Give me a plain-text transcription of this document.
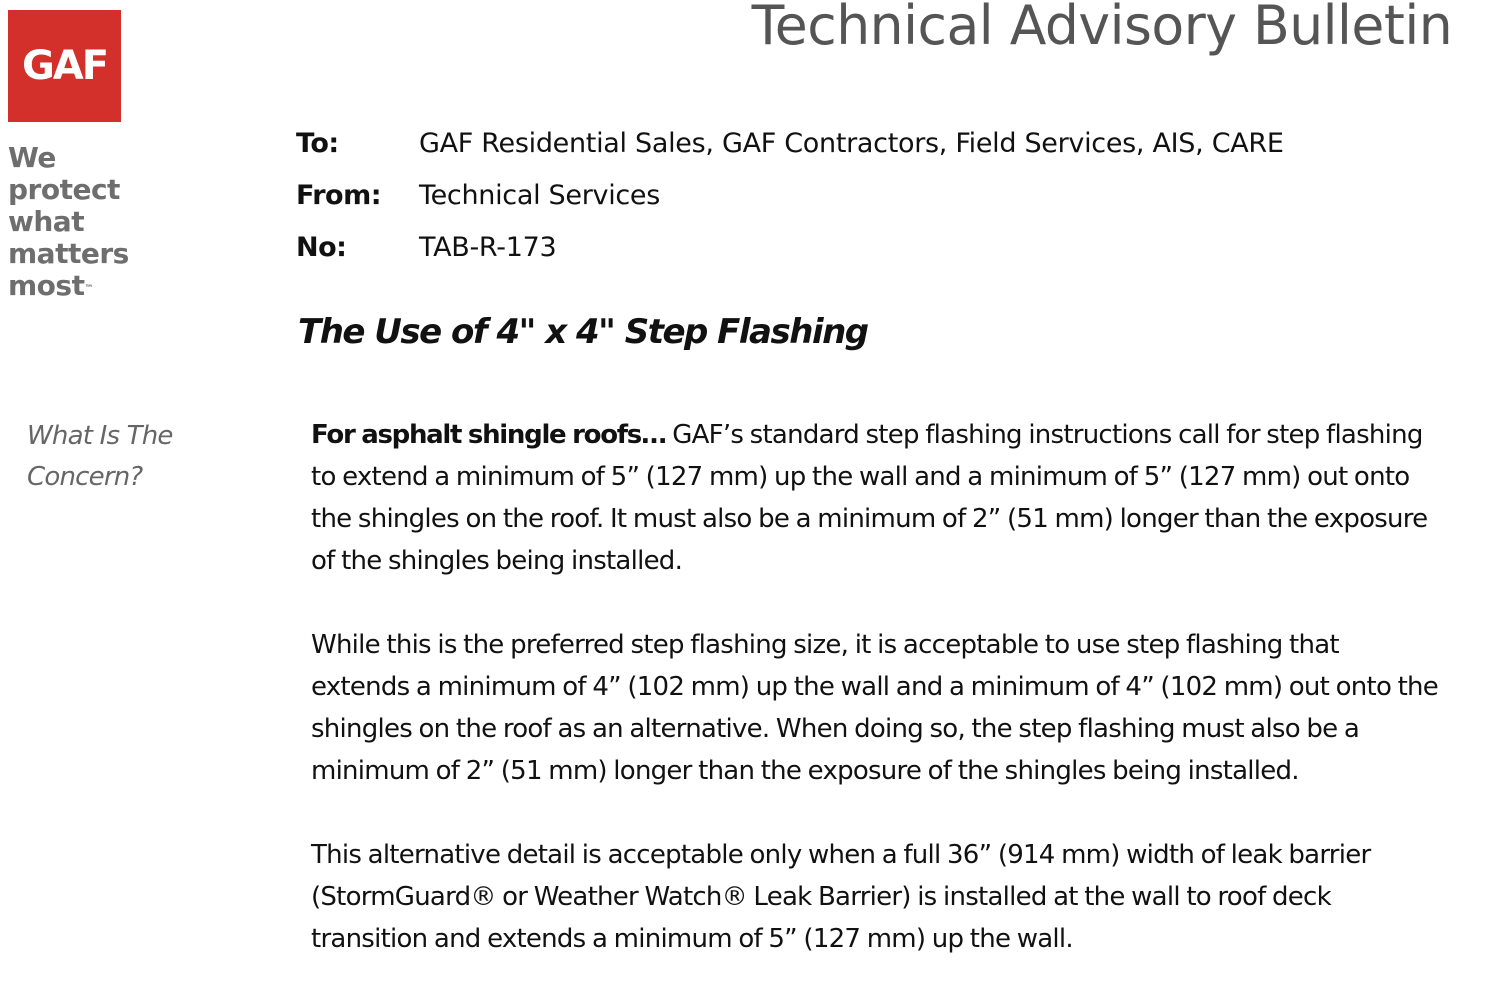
GAF
We
protect
what
matters
most™
Technical Advisory Bulletin
To:	GAF Residential Sales, GAF Contractors, Field Services, AIS, CARE
From:	Technical Services
No:	TAB-R-173
The Use of 4" x 4" Step Flashing
What Is The
Concern?
For asphalt shingle roofs… GAF’s standard step flashing instructions call for step flashing
to extend a minimum of 5” (127 mm) up the wall and a minimum of 5” (127 mm) out onto
the shingles on the roof. It must also be a minimum of 2” (51 mm) longer than the exposure
of the shingles being installed.
While this is the preferred step flashing size, it is acceptable to use step flashing that
extends a minimum of 4” (102 mm) up the wall and a minimum of 4” (102 mm) out onto the
shingles on the roof as an alternative. When doing so, the step flashing must also be a
minimum of 2” (51 mm) longer than the exposure of the shingles being installed.
This alternative detail is acceptable only when a full 36” (914 mm) width of leak barrier
(StormGuard® or Weather Watch® Leak Barrier) is installed at the wall to roof deck
transition and extends a minimum of 5” (127 mm) up the wall.
